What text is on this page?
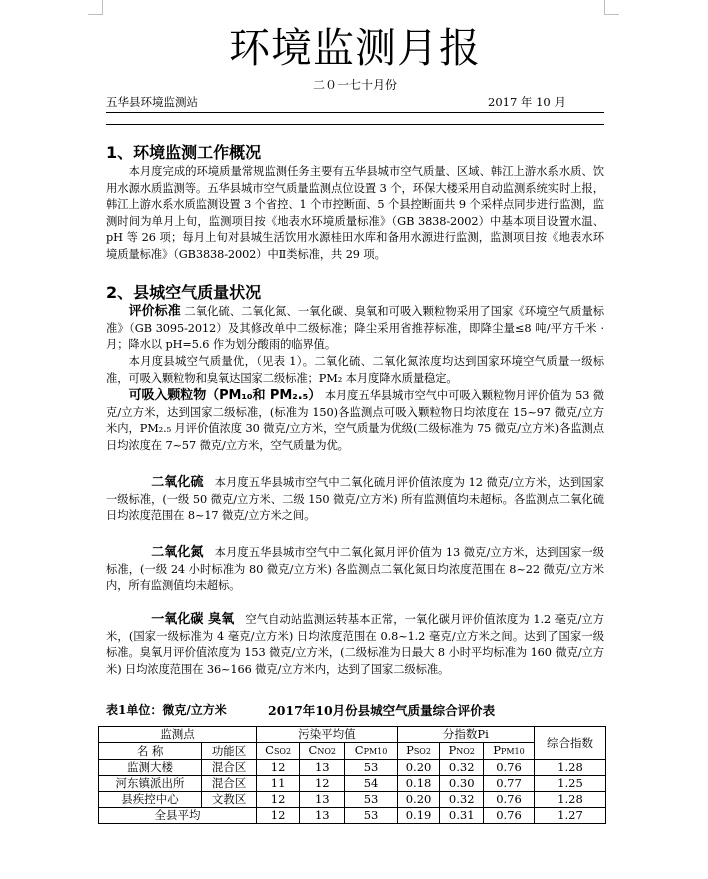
环境监测月报
二０一七十月份
五华县环境监测站	2017 年 10 月
1、环境监测工作概况
本月度完成的环境质量常规监测任务主要有五华县城市空气质量、区域、韩江上游水系水质、饮用水源水质监测等。五华县城市空气质量监测点位设置 3 个，环保大楼采用自动监测系统实时上报，韩江上游水系水质监测设置 3 个省控、1 个市控断面、5 个县控断面共 9 个采样点同步进行监测，监测时间为单月上旬，监测项目按《地表水环境质量标准》（GB 3838-2002）中基本项目设置水温、pH 等 26 项；每月上旬对县城生活饮用水源桂田水库和备用水源进行监测，监测项目按《地表水环境质量标准》（GB3838-2002）中Ⅱ类标准，共 29 项。
2、县城空气质量状况
评价标准 二氧化硫、二氧化氮、一氧化碳、臭氧和可吸入颗粒物采用了国家《环境空气质量标准》（GB 3095-2012）及其修改单中二级标准；降尘采用省推荐标准，即降尘量≤8 吨/平方千米 · 月；降水以 pH=5.6 作为划分酸雨的临界值。
本月度县城空气质量优，（见表 1）。二氧化硫、二氧化氮浓度均达到国家环境空气质量一级标准，可吸入颗粒物和臭氧达国家二级标准；PM₂ 本月度降水质量稳定。
可吸入颗粒物（PM₁₀和 PM₂.₅） 本月度五华县城市空气中可吸入颗粒物月评价值为 53 微克/立方米，达到国家二级标准，(标准为 150)各监测点可吸入颗粒物日均浓度在 15~97 微克/立方米内，PM₂.₅ 月评价值浓度 30 微克/立方米，空气质量为优级(二级标准为 75 微克/立方米)各监测点日均浓度在 7~57 微克/立方米，空气质量为优。
二氧化硫 本月度五华县城市空气中二氧化硫月评价值浓度为 12 微克/立方米，达到国家一级标准，(一级 50 微克/立方米、二级 150 微克/立方米) 所有监测值均未超标。各监测点二氧化硫日均浓度范围在 8~17 微克/立方米之间。
二氧化氮 本月度五华县城市空气中二氧化氮月评价值为 13 微克/立方米，达到国家一级标准，(一级 24 小时标准为 80 微克/立方米) 各监测点二氧化氮日均浓度范围在 8~22 微克/立方米内，所有监测值均未超标。
一氧化碳 臭氧 空气自动站监测运转基本正常，一氧化碳月评价值浓度为 1.2 毫克/立方米，(国家一级标准为 4 毫克/立方米) 日均浓度范围在 0.8~1.2 毫克/立方米之间。达到了国家一级标准。臭氧月评价值浓度为 153 微克/立方米，(二级标准为日最大 8 小时平均标准为 160 微克/立方米) 日均浓度范围在 36~166 微克/立方米内，达到了国家二级标准。
表1单位：微克/立方米	2017年10月份县城空气质量综合评价表
监测点		污染平均值			分指数Pi			综合指数
名 称	功能区	CSO2	CNO2	CPM10	PSO2	PNO2	PPM10	
监测大楼	混合区	12	13	53	0.20	0.32	0.76	1.28
河东镇派出所	混合区	11	12	54	0.18	0.30	0.77	1.25
县疾控中心	文教区	12	13	53	0.20	0.32	0.76	1.28
全县平均		12	13	53	0.19	0.31	0.76	1.27
